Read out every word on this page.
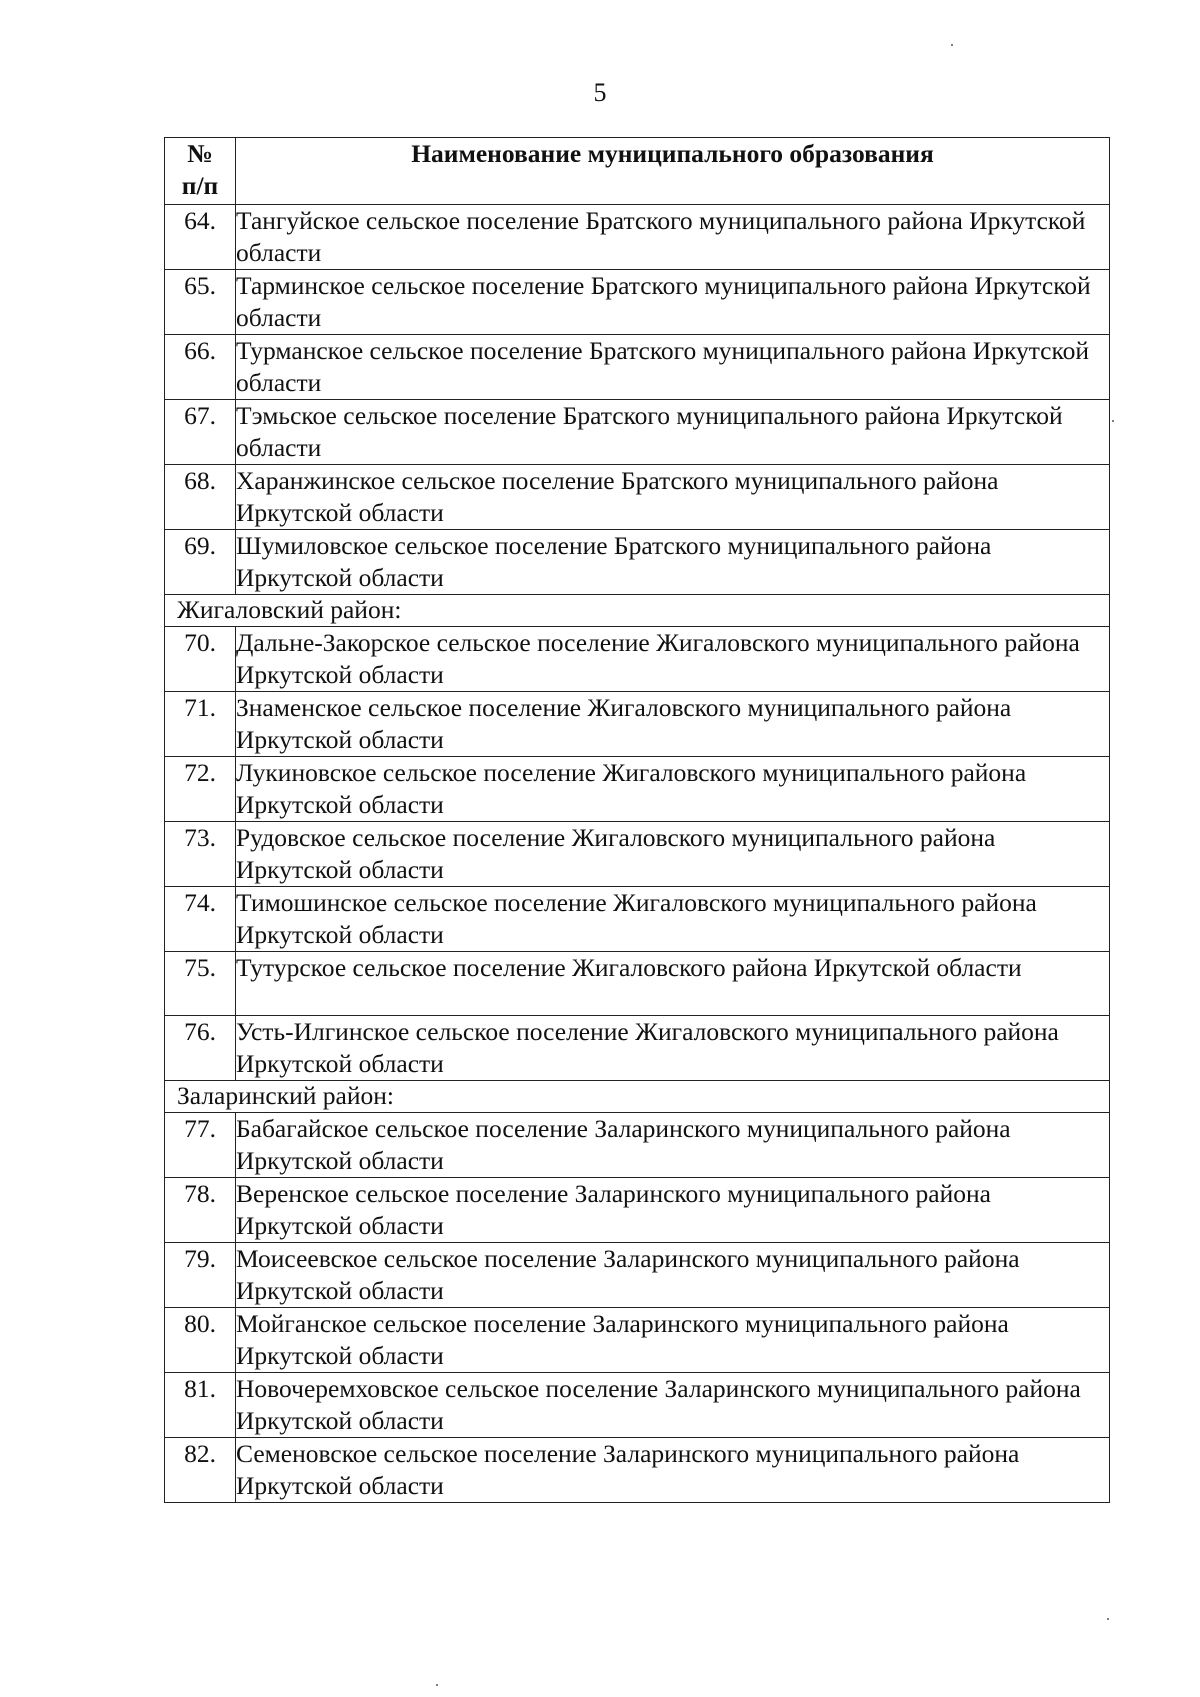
5
№
п/п	Наименование муниципального образования
64.	Тангуйское сельское поселение Братского муниципального района Иркутской области
65.	Тарминское сельское поселение Братского муниципального района Иркутской области
66.	Турманское сельское поселение Братского муниципального района Иркутской области
67.	Тэмьское сельское поселение Братского муниципального района Иркутской области
68.	Харанжинское сельское поселение Братского муниципального района Иркутской области
69.	Шумиловское сельское поселение Братского муниципального района Иркутской области
Жигаловский район:	
70.	Дальне-Закорское сельское поселение Жигаловского муниципального района Иркутской области
71.	Знаменское сельское поселение Жигаловского муниципального района Иркутской области
72.	Лукиновское сельское поселение Жигаловского муниципального района Иркутской области
73.	Рудовское сельское поселение Жигаловского муниципального района Иркутской области
74.	Тимошинское сельское поселение Жигаловского муниципального района Иркутской области
75.	Тутурское сельское поселение Жигаловского района Иркутской области
76.	Усть-Илгинское сельское поселение Жигаловского муниципального района Иркутской области
Заларинский район:	
77.	Бабагайское сельское поселение Заларинского муниципального района Иркутской области
78.	Веренское сельское поселение Заларинского муниципального района Иркутской области
79.	Моисеевское сельское поселение Заларинского муниципального района Иркутской области
80.	Мойганское сельское поселение Заларинского муниципального района Иркутской области
81.	Новочеремховское сельское поселение Заларинского муниципального района Иркутской области
82.	Семеновское сельское поселение Заларинского муниципального района Иркутской области
